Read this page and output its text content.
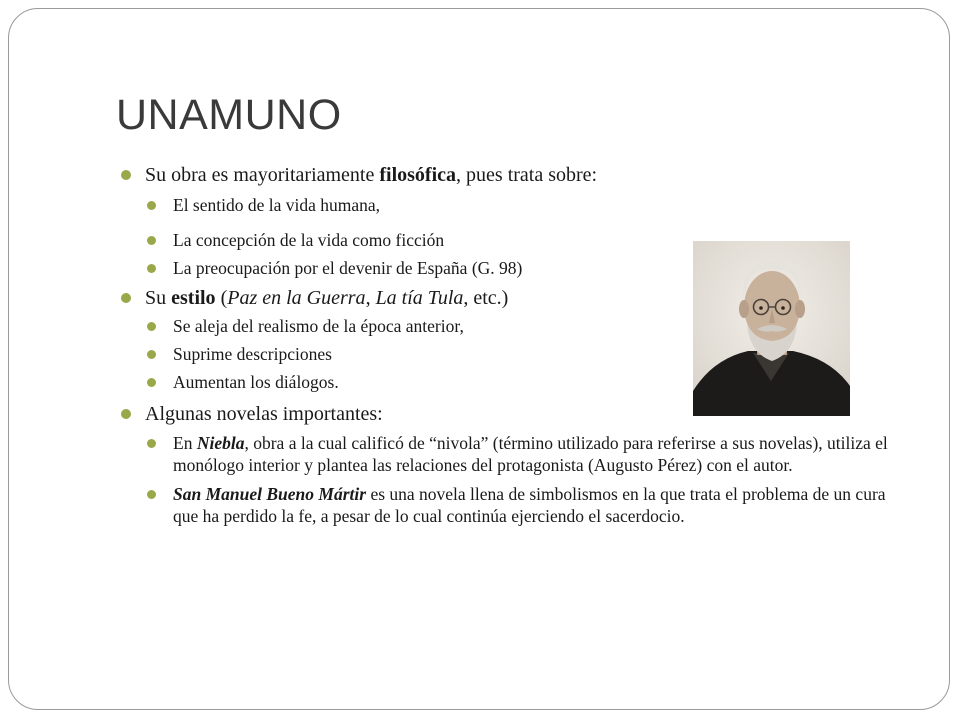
UNAMUNO
Su obra es mayoritariamente filosófica, pues trata sobre:
El sentido de la vida humana,
La concepción de la vida como ficción
La preocupación por el devenir de España (G. 98)
Su estilo (Paz en la Guerra, La tía Tula, etc.)
Se aleja del realismo de la época anterior,
Suprime descripciones
Aumentan los diálogos.
Algunas novelas importantes:
En Niebla, obra a la cual calificó de “nivola” (término utilizado para referirse a sus novelas), utiliza el monólogo interior y plantea las relaciones del protagonista (Augusto Pérez) con el autor.
San Manuel Bueno Mártir es una novela llena de simbolismos en la que trata el problema de un cura que ha perdido la fe, a pesar de lo cual continúa ejerciendo el sacerdocio.
